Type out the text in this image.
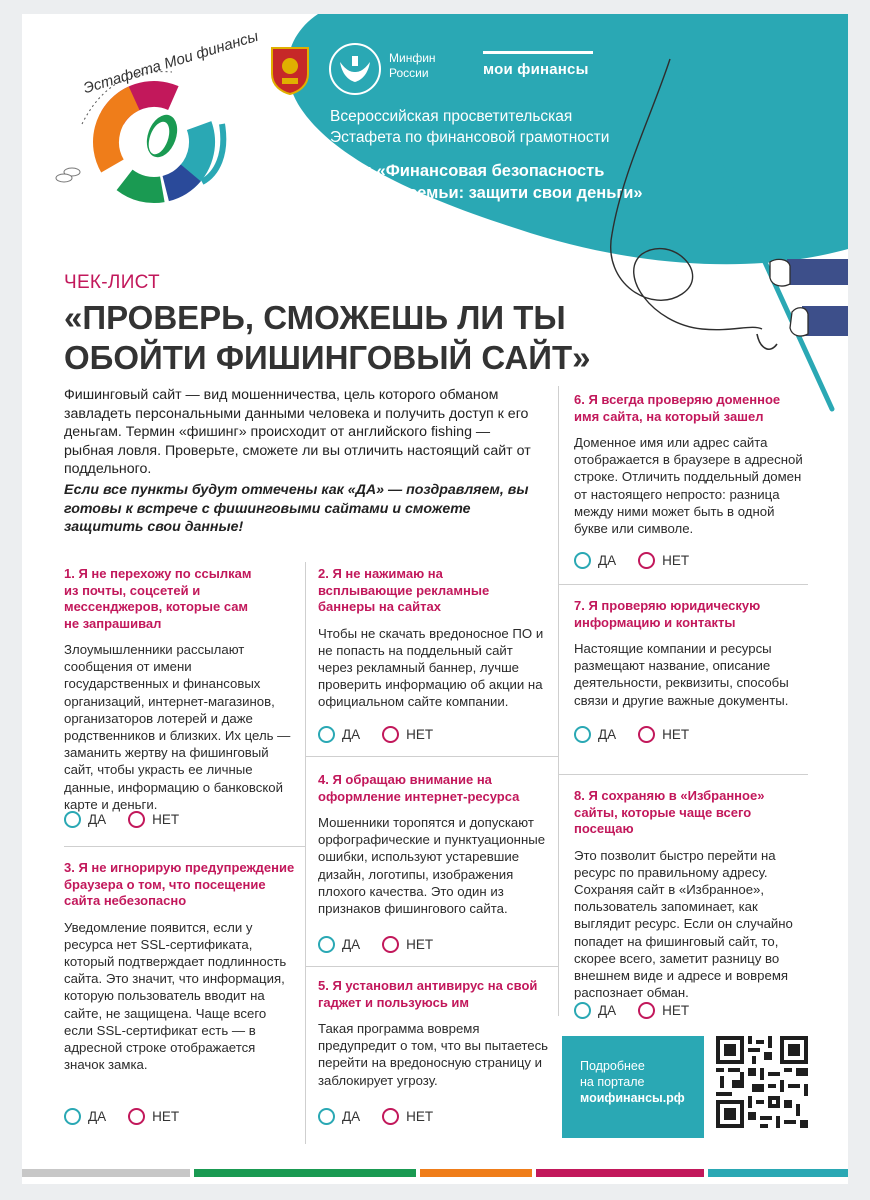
Эстафета Мои финансы	Минфин
России	мои финансы
Всероссийская просветительская
Эстафета по финансовой грамотности
Этап: «Финансовая безопасность
для всей семьи: защити свои деньги»
ЧЕК-ЛИСТ
«ПРОВЕРЬ, СМОЖЕШЬ ЛИ ТЫ
ОБОЙТИ ФИШИНГОВЫЙ САЙТ»
Фишинговый сайт — вид мошенничества, цель которого обманом завладеть персональными данными человека и получить доступ к его деньгам. Термин «фишинг» происходит от английского fishing — рыбная ловля. Проверьте, сможете ли вы отличить настоящий сайт от поддельного.
Если все пункты будут отмечены как «ДА» — поздравляем, вы готовы к встрече с фишинговыми сайтами и сможете защитить свои данные!
1. Я не перехожу по ссылкам из почты, соцсетей и мессенджеров, которые сам не запрашивал
Злоумышленники рассылают сообщения от имени государственных и финансовых организаций, интернет-магазинов, организаторов лотерей и даже родственников и близких. Их цель — заманить жертву на фишинговый сайт, чтобы украсть ее личные данные, информацию о банковской карте и деньги.
ДА	НЕТ
3. Я не игнорирую предупреждение браузера о том, что посещение сайта небезопасно
Уведомление появится, если у ресурса нет SSL-сертификата, который подтверждает подлинность сайта. Это значит, что информация, которую пользователь вводит на сайте, не защищена. Чаще всего если SSL-сертификат есть — в адресной строке отображается значок замка.
ДА	НЕТ
2. Я не нажимаю на всплывающие рекламные баннеры на сайтах
Чтобы не скачать вредоносное ПО и не попасть на поддельный сайт через рекламный баннер, лучше проверить информацию об акции на официальном сайте компании.
ДА	НЕТ
4. Я обращаю внимание на оформление интернет-ресурса
Мошенники торопятся и допускают орфографические и пунктуационные ошибки, используют устаревшие дизайн, логотипы, изображения плохого качества. Это один из признаков фишингового сайта.
ДА	НЕТ
5. Я установил антивирус на свой гаджет и пользуюсь им
Такая программа вовремя предупредит о том, что вы пытаетесь перейти на вредоносную страницу и заблокирует угрозу.
ДА	НЕТ
6. Я всегда проверяю доменное имя сайта, на который зашел
Доменное имя или адрес сайта отображается в браузере в адресной строке. Отличить поддельный домен от настоящего непросто: разница между ними может быть в одной букве или символе.
ДА	НЕТ
7. Я проверяю юридическую информацию и контакты
Настоящие компании и ресурсы размещают название, описание деятельности, реквизиты, способы связи и другие важные документы.
ДА	НЕТ
8. Я сохраняю в «Избранное» сайты, которые чаще всего посещаю
Это позволит быстро перейти на ресурс по правильному адресу. Сохраняя сайт в «Избранное», пользователь запоминает, как выглядит ресурс. Если он случайно попадет на фишинговый сайт, то, скорее всего, заметит разницу во внешнем виде и адресе и вовремя распознает обман.
ДА	НЕТ
Подробнее
на портале
моифинансы.рф
